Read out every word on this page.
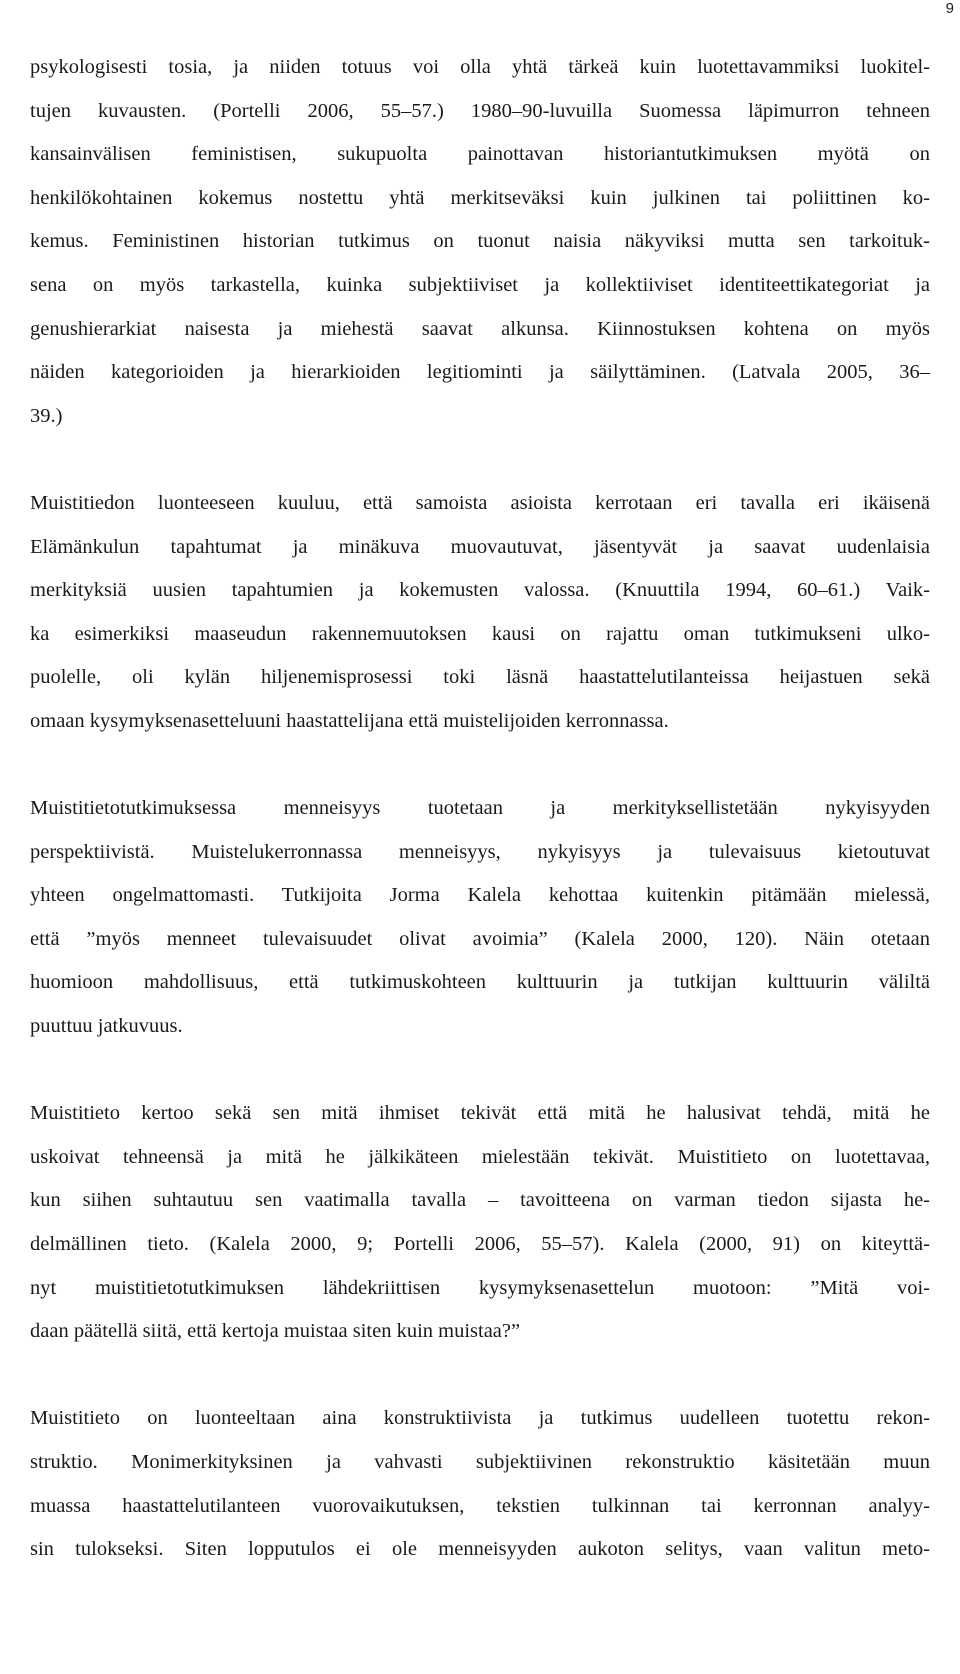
9
psykologisesti tosia, ja niiden totuus voi olla yhtä tärkeä kuin luotettavammiksi luokitel-
tujen kuvausten. (Portelli 2006, 55–57.) 1980–90-luvuilla Suomessa läpimurron tehneen
kansainvälisen feministisen, sukupuolta painottavan historiantutkimuksen myötä on
henkilökohtainen kokemus nostettu yhtä merkitseväksi kuin julkinen tai poliittinen ko-
kemus. Feministinen historian tutkimus on tuonut naisia näkyviksi mutta sen tarkoituk-
sena on myös tarkastella, kuinka subjektiiviset ja kollektiiviset identiteettikategoriat ja
genushierarkiat naisesta ja miehestä saavat alkunsa. Kiinnostuksen kohtena on myös
näiden kategorioiden ja hierarkioiden legitiominti ja säilyttäminen. (Latvala 2005, 36–
39.)
Muistitiedon luonteeseen kuuluu, että samoista asioista kerrotaan eri tavalla eri ikäisenä
Elämänkulun tapahtumat ja minäkuva muovautuvat, jäsentyvät ja saavat uudenlaisia
merkityksiä uusien tapahtumien ja kokemusten valossa. (Knuuttila 1994, 60–61.) Vaik-
ka esimerkiksi maaseudun rakennemuutoksen kausi on rajattu oman tutkimukseni ulko-
puolelle, oli kylän hiljenemisprosessi toki läsnä haastattelutilanteissa heijastuen sekä
omaan kysymyksenasetteluuni haastattelijana että muistelijoiden kerronnassa.
Muistitietotutkimuksessa menneisyys tuotetaan ja merkityksellistetään nykyisyyden
perspektiivistä. Muistelukerronnassa menneisyys, nykyisyys ja tulevaisuus kietoutuvat
yhteen ongelmattomasti. Tutkijoita Jorma Kalela kehottaa kuitenkin pitämään mielessä,
että ”myös menneet tulevaisuudet olivat avoimia” (Kalela 2000, 120). Näin otetaan
huomioon mahdollisuus, että tutkimuskohteen kulttuurin ja tutkijan kulttuurin väliltä
puuttuu jatkuvuus.
Muistitieto kertoo sekä sen mitä ihmiset tekivät että mitä he halusivat tehdä, mitä he
uskoivat tehneensä ja mitä he jälkikäteen mielestään tekivät. Muistitieto on luotettavaa,
kun siihen suhtautuu sen vaatimalla tavalla – tavoitteena on varman tiedon sijasta he-
delmällinen tieto. (Kalela 2000, 9; Portelli 2006, 55–57). Kalela (2000, 91) on kiteyttä-
nyt muistitietotutkimuksen lähdekriittisen kysymyksenasettelun muotoon: ”Mitä voi-
daan päätellä siitä, että kertoja muistaa siten kuin muistaa?”
Muistitieto on luonteeltaan aina konstruktiivista ja tutkimus uudelleen tuotettu rekon-
struktio. Monimerkityksinen ja vahvasti subjektiivinen rekonstruktio käsitetään muun
muassa haastattelutilanteen vuorovaikutuksen, tekstien tulkinnan tai kerronnan analyy-
sin tulokseksi. Siten lopputulos ei ole menneisyyden aukoton selitys, vaan valitun meto-
